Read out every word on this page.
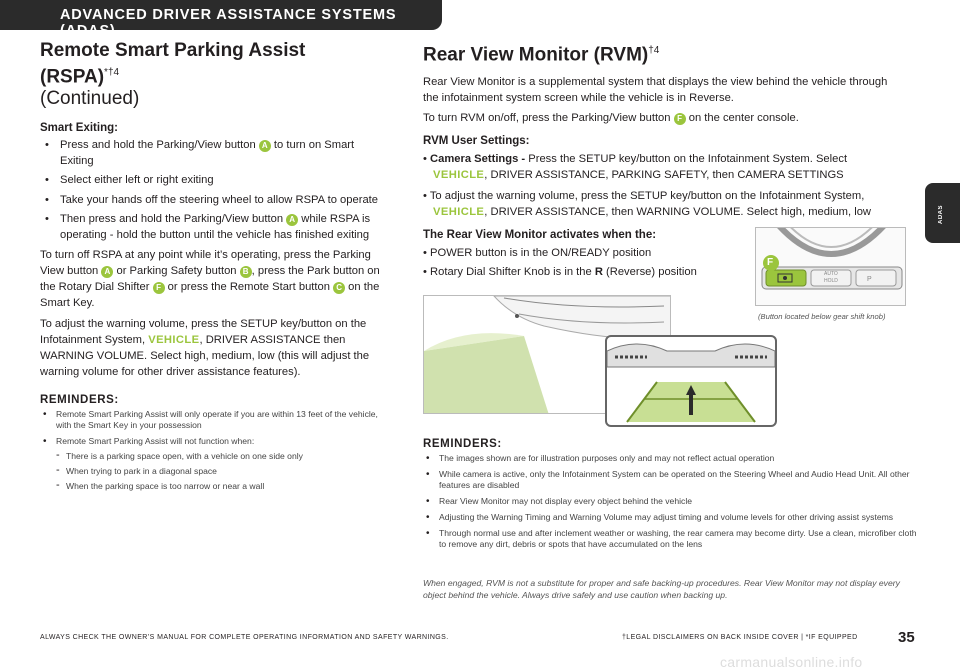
ADVANCED DRIVER ASSISTANCE SYSTEMS (ADAS)
ADAS
Remote Smart Parking Assist (RSPA)$^{*\dagger 4}$
(Continued)
Smart Exiting:
• Press and hold the Parking/View button A to turn on Smart Exiting
• Select either left or right exiting
• Take your hands off the steering wheel to allow RSPA to operate
• Then press and hold the Parking/View button A while RSPA is operating - hold the button until the vehicle has finished exiting

To turn off RSPA at any point while it’s operating, press the Parking View button A or Parking Safety button B , press the Park button on the Rotary Dial Shifter F or press the Remote Start button C on the Smart Key.

To adjust the warning volume, press the SETUP key/button on the Infotainment System, VEHICLE, DRIVER ASSISTANCE then WARNING VOLUME. Select high, medium, low (this will adjust the warning volume for other driver assistance features).

REMINDERS:
• Remote Smart Parking Assist will only operate if you are within 13 feet of the vehicle, with the Smart Key in your possession
• Remote Smart Parking Assist will not function when:
- There is a parking space open, with a vehicle on one side only
- When trying to park in a diagonal space
- When the parking space is too narrow or near a wall
Rear View Monitor (RVM)$^{\dagger 4}$

Rear View Monitor is a supplemental system that displays the view behind the vehicle through the infotainment system screen while the vehicle is in Reverse.

To turn RVM on/off, press the Parking/View button F on the center console.

RVM User Settings:

• Camera Settings - Press the SETUP key/button on the Infotainment System. Select

VEHICLE, DRIVER ASSISTANCE, PARKING SAFETY, then CAMERA SETTINGS

• To adjust the warning volume, press the SETUP key/button on the Infotainment System,

VEHICLE, DRIVER ASSISTANCE, then WARNING VOLUME. Select high, medium, low

The Rear View Monitor activates when the:

• POWER button is in the ON/READY position

• Rotary Dial Shifter Knob is in the R (Reverse) position

P
F
AUTO
HOLD
(Button located below gear shift knob)
REMINDERS:
• The images shown are for illustration purposes only and may not reflect actual operation
• While camera is active, only the Infotainment System can be operated on the Steering Wheel and Audio Head Unit. All other features are disabled
• Rear View Monitor may not display every object behind the vehicle
• Adjusting the Warning Timing and Warning Volume may adjust timing and volume levels for other driving assist systems
• Through normal use and after inclement weather or washing, the rear camera may become dirty. Use a clean, microfiber cloth to remove any dirt, debris or spots that have accumulated on the lens
When engaged, RVM is not a substitute for proper and safe backing-up procedures. Rear View Monitor may not display every object behind the vehicle. Always drive safely and use caution when backing up.
ALWAYS CHECK THE OWNER’S MANUAL FOR COMPLETE OPERATING INFORMATION AND SAFETY WARNINGS.	†LEGAL DISCLAIMERS ON BACK INSIDE COVER | *IF EQUIPPED	35
carmanualsonline.info
